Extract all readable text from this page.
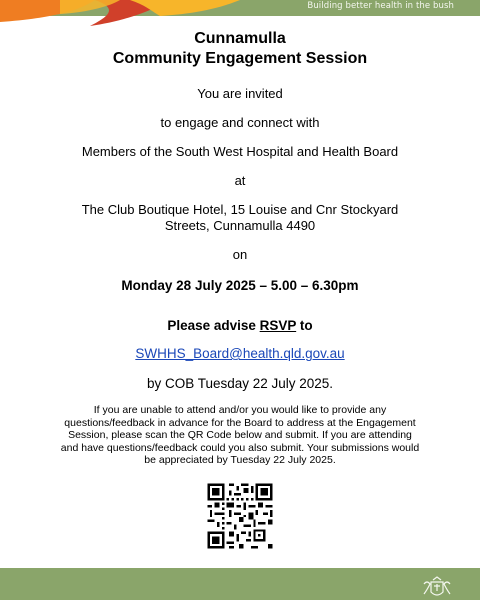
Building better health in the bush

Cunnamulla

Community Engagement Session

You are invited

to engage and connect with

Members of the South West Hospital and Health Board

at

The Club Boutique Hotel, 15 Louise and Cnr Stockyard

Streets, Cunnamulla 4490

on

Monday 28 July 2025 – 5.00 – 6.30pm

Please advise RSVP to

SWHHS_Board@health.qld.gov.au

by COB Tuesday 22 July 2025.

If you are unable to attend and/or you would like to provide any

questions/feedback in advance for the Board to address at the Engagement

Session, please scan the QR Code below and submit. If you are attending

and have questions/feedback could you also submit. Your submissions would

be appreciated by Tuesday 22 July 2025.
